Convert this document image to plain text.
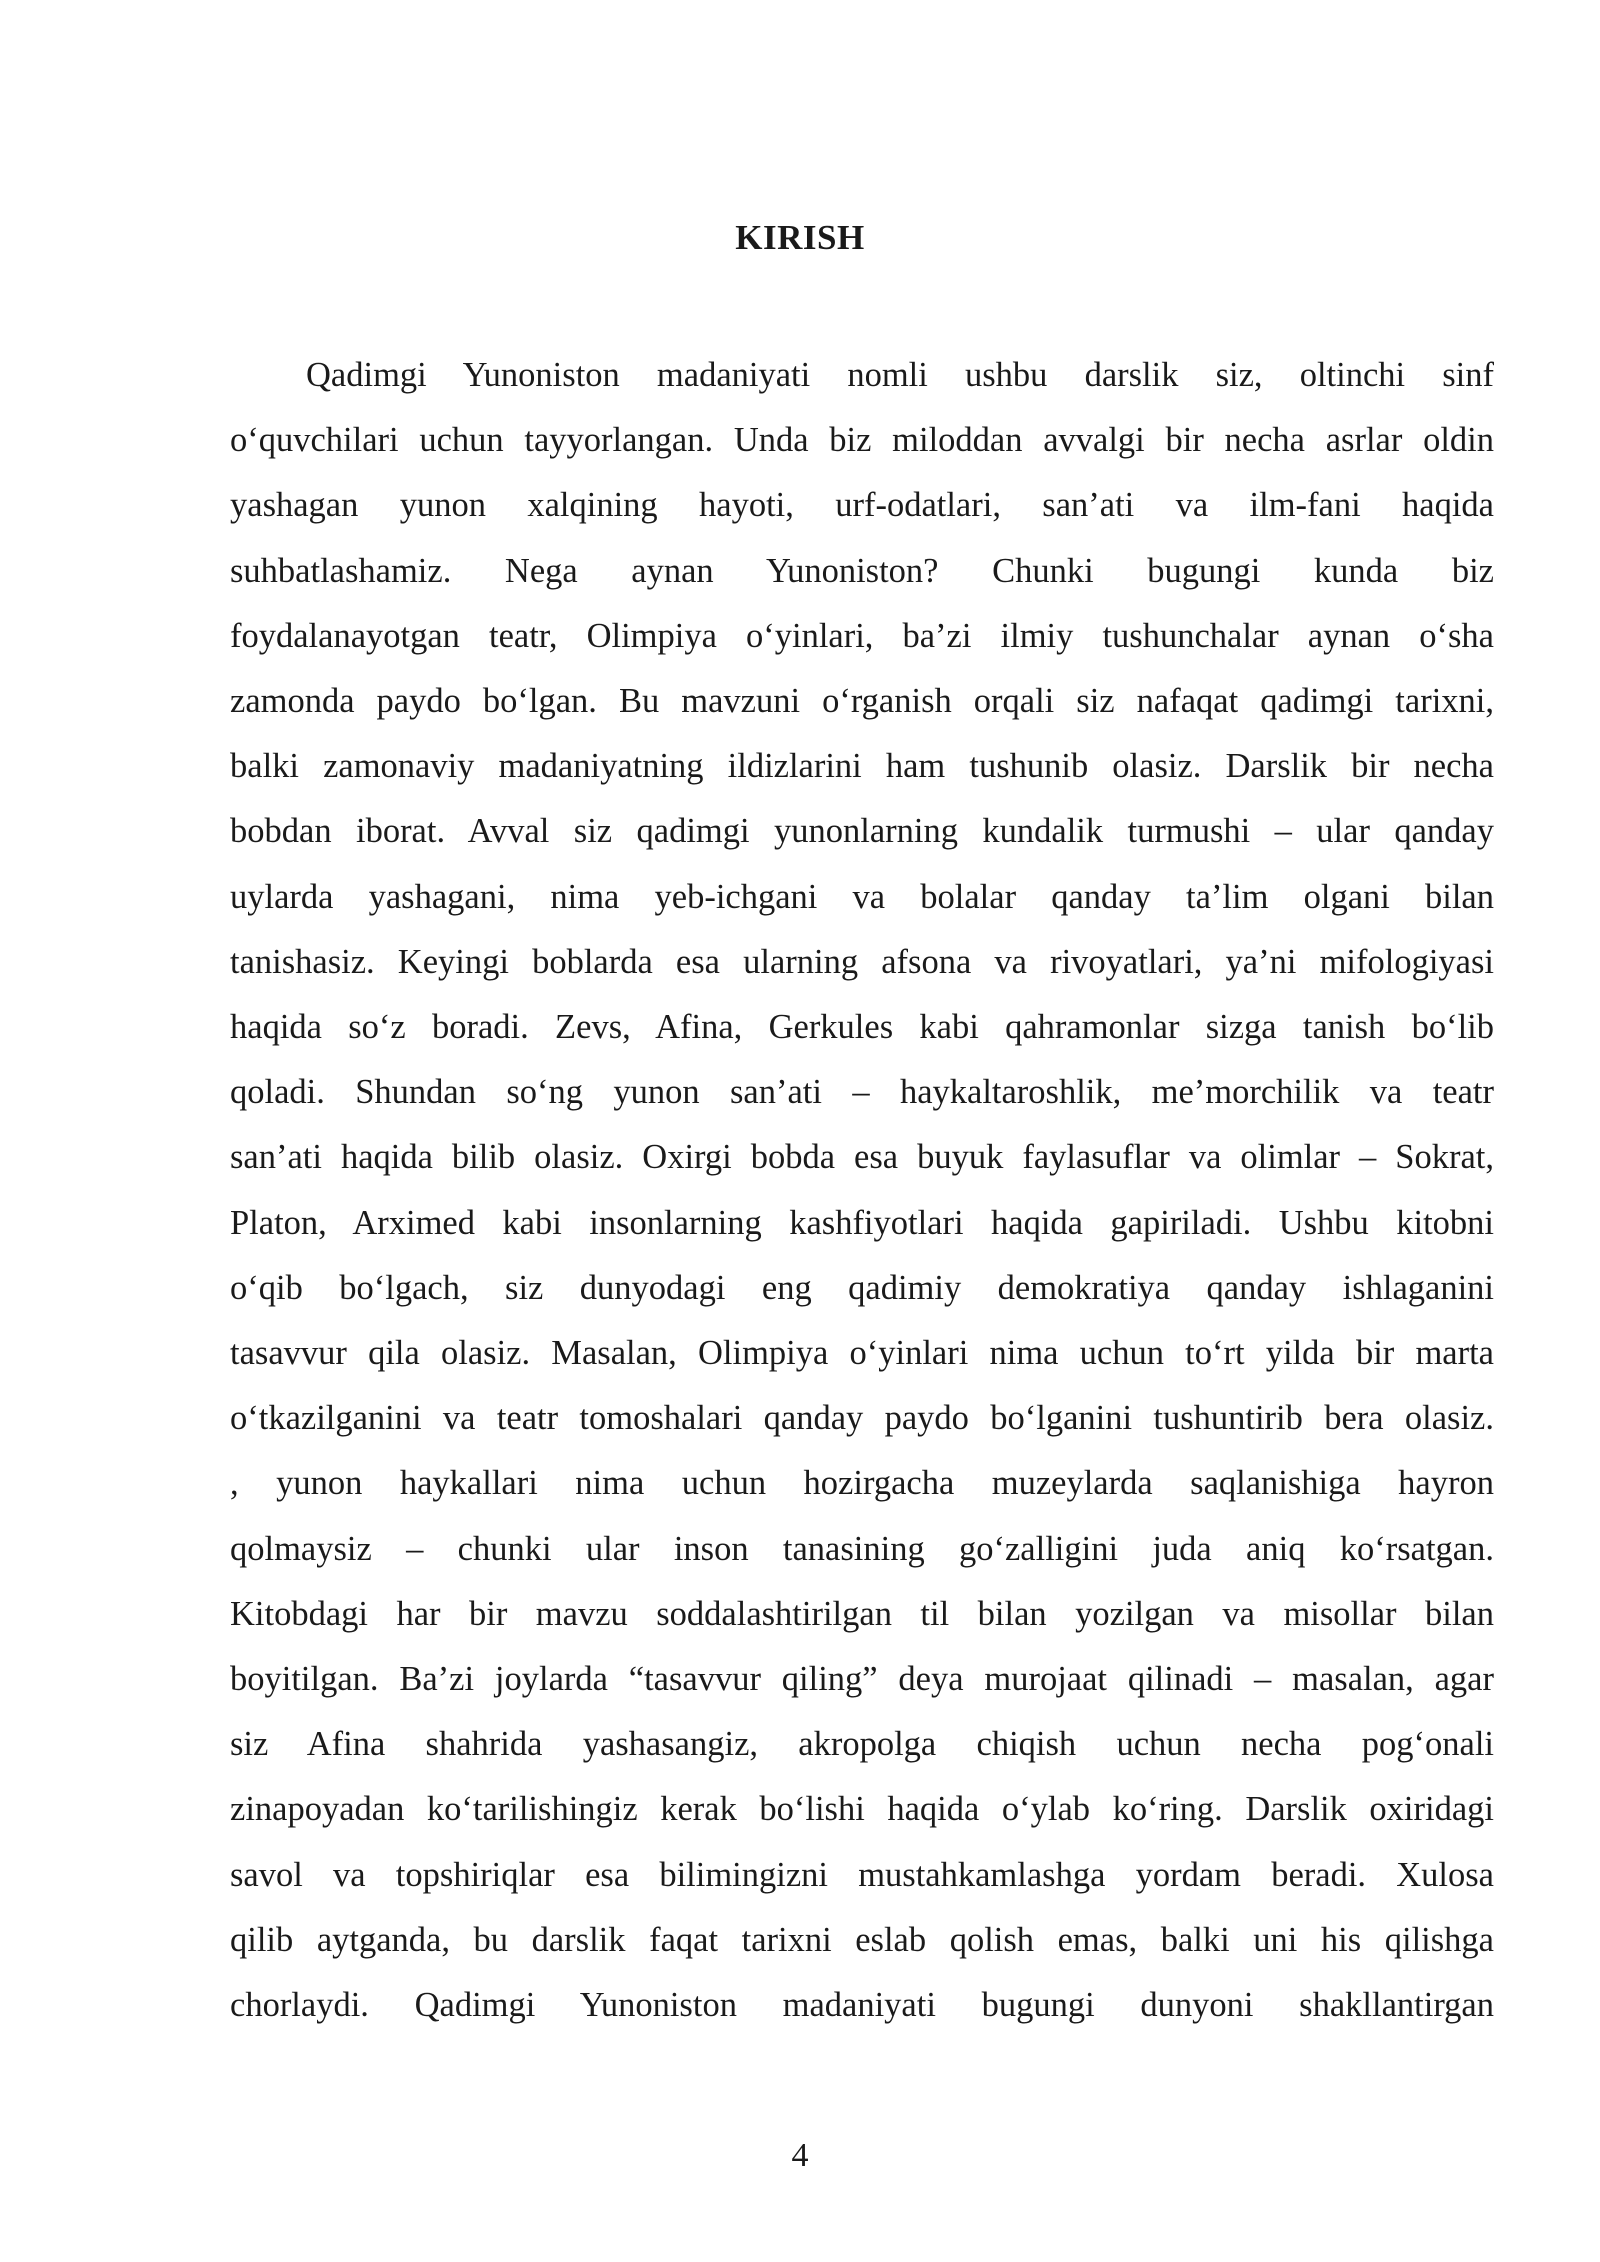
KIRISH
Qadimgi Yunoniston madaniyati nomli ushbu darslik siz, oltinchi sinf
o‘quvchilari uchun tayyorlangan. Unda biz miloddan avvalgi bir necha asrlar oldin
yashagan yunon xalqining hayoti, urf-odatlari, san’ati va ilm-fani haqida
suhbatlashamiz. Nega aynan Yunoniston? Chunki bugungi kunda biz
foydalanayotgan teatr, Olimpiya o‘yinlari, ba’zi ilmiy tushunchalar aynan o‘sha
zamonda paydo bo‘lgan. Bu mavzuni o‘rganish orqali siz nafaqat qadimgi tarixni,
balki zamonaviy madaniyatning ildizlarini ham tushunib olasiz. Darslik bir necha
bobdan iborat. Avval siz qadimgi yunonlarning kundalik turmushi – ular qanday
uylarda yashagani, nima yeb-ichgani va bolalar qanday ta’lim olgani bilan
tanishasiz. Keyingi boblarda esa ularning afsona va rivoyatlari, ya’ni mifologiyasi
haqida so‘z boradi. Zevs, Afina, Gerkules kabi qahramonlar sizga tanish bo‘lib
qoladi. Shundan so‘ng yunon san’ati – haykaltaroshlik, me’morchilik va teatr
san’ati haqida bilib olasiz. Oxirgi bobda esa buyuk faylasuflar va olimlar – Sokrat,
Platon, Arximed kabi insonlarning kashfiyotlari haqida gapiriladi. Ushbu kitobni
o‘qib bo‘lgach, siz dunyodagi eng qadimiy demokratiya qanday ishlaganini
tasavvur qila olasiz. Masalan, Olimpiya o‘yinlari nima uchun to‘rt yilda bir marta
o‘tkazilganini va teatr tomoshalari qanday paydo bo‘lganini tushuntirib bera olasiz.
, yunon haykallari nima uchun hozirgacha muzeylarda saqlanishiga hayron
qolmaysiz – chunki ular inson tanasining go‘zalligini juda aniq ko‘rsatgan.
Kitobdagi har bir mavzu soddalashtirilgan til bilan yozilgan va misollar bilan
boyitilgan. Ba’zi joylarda “tasavvur qiling” deya murojaat qilinadi – masalan, agar
siz Afina shahrida yashasangiz, akropolga chiqish uchun necha pog‘onali
zinapoyadan ko‘tarilishingiz kerak bo‘lishi haqida o‘ylab ko‘ring. Darslik oxiridagi
savol va topshiriqlar esa bilimingizni mustahkamlashga yordam beradi. Xulosa
qilib aytganda, bu darslik faqat tarixni eslab qolish emas, balki uni his qilishga
chorlaydi. Qadimgi Yunoniston madaniyati bugungi dunyoni shakllantirgan
4
